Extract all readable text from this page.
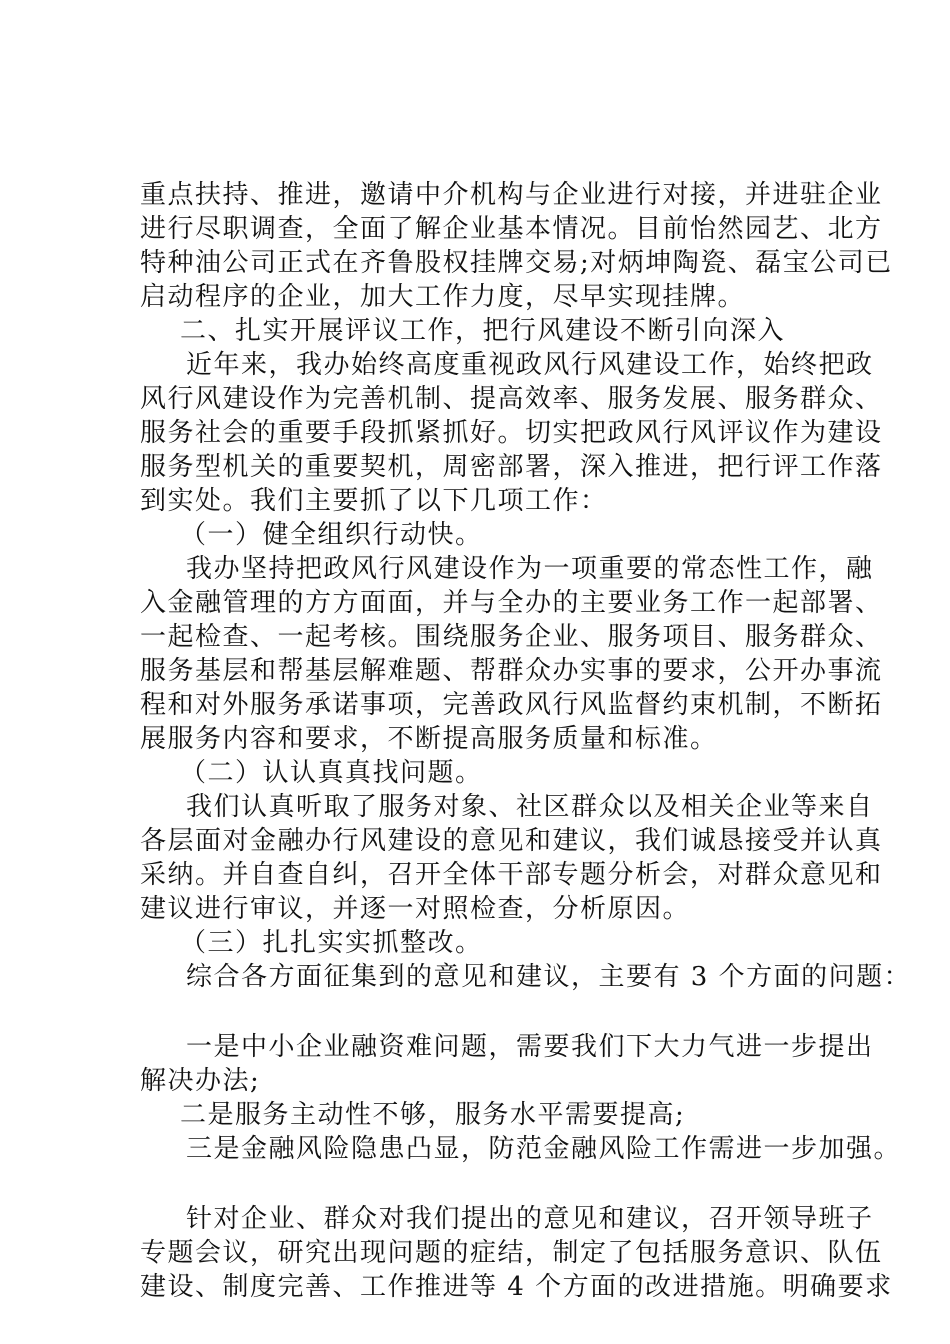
重点扶持、推进，邀请中介机构与企业进行对接，并进驻企业
进行尽职调查，全面了解企业基本情况。目前怡然园艺、北方
特种油公司正式在齐鲁股权挂牌交易;对炳坤陶瓷、磊宝公司已
启动程序的企业，加大工作力度，尽早实现挂牌。
二、扎实开展评议工作，把行风建设不断引向深入
近年来，我办始终高度重视政风行风建设工作，始终把政
风行风建设作为完善机制、提高效率、服务发展、服务群众、
服务社会的重要手段抓紧抓好。切实把政风行风评议作为建设
服务型机关的重要契机，周密部署，深入推进，把行评工作落
到实处。我们主要抓了以下几项工作：
（一）健全组织行动快。
我办坚持把政风行风建设作为一项重要的常态性工作，融
入金融管理的方方面面，并与全办的主要业务工作一起部署、
一起检查、一起考核。围绕服务企业、服务项目、服务群众、
服务基层和帮基层解难题、帮群众办实事的要求，公开办事流
程和对外服务承诺事项，完善政风行风监督约束机制，不断拓
展服务内容和要求，不断提高服务质量和标准。
（二）认认真真找问题。
我们认真听取了服务对象、社区群众以及相关企业等来自
各层面对金融办行风建设的意见和建议，我们诚恳接受并认真
采纳。并自查自纠，召开全体干部专题分析会，对群众意见和
建议进行审议，并逐一对照检查，分析原因。
（三）扎扎实实抓整改。
综合各方面征集到的意见和建议，主要有 3 个方面的问题：
一是中小企业融资难问题，需要我们下大力气进一步提出
解决办法;
二是服务主动性不够，服务水平需要提高;
三是金融风险隐患凸显，防范金融风险工作需进一步加强。
针对企业、群众对我们提出的意见和建议，召开领导班子
专题会议，研究出现问题的症结，制定了包括服务意识、队伍
建设、制度完善、工作推进等 4 个方面的改进措施。明确要求
